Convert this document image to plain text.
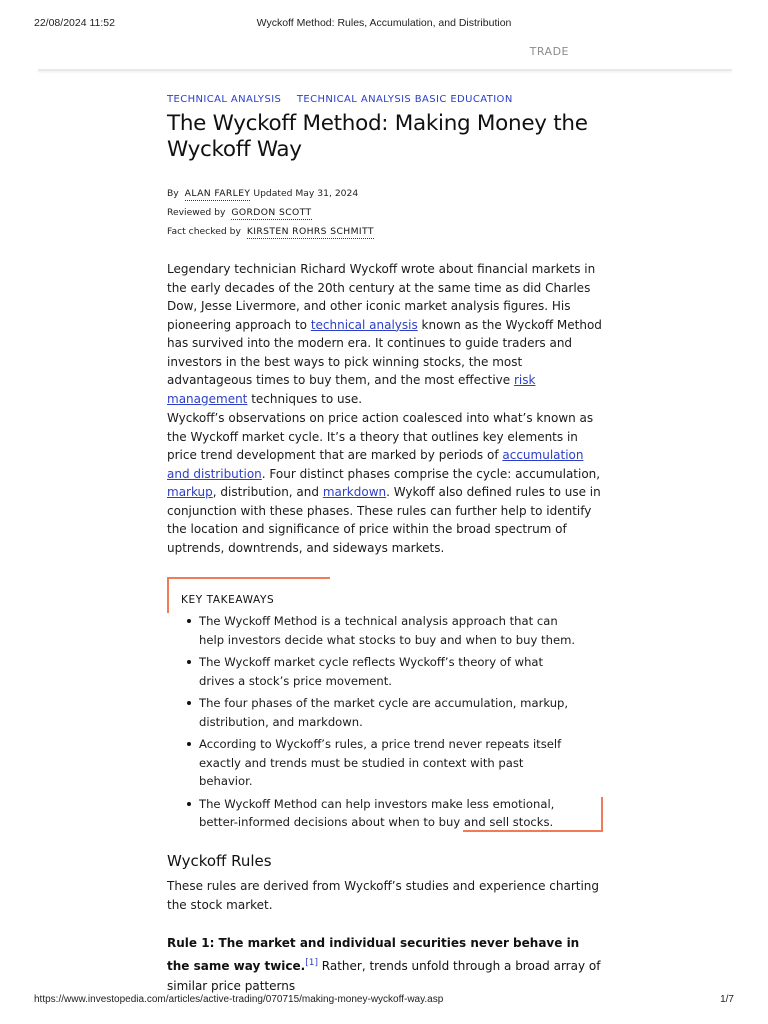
22/08/2024 11:52	Wyckoff Method: Rules, Accumulation, and Distribution
TRADE
TECHNICAL ANALYSIS TECHNICAL ANALYSIS BASIC EDUCATION
The Wyckoff Method: Making Money the Wyckoff Way
By ALAN FARLEY Updated May 31, 2024
Reviewed by GORDON SCOTT
Fact checked by KIRSTEN ROHRS SCHMITT

Legendary technician Richard Wyckoff wrote about financial markets in the early decades of the 20th century at the same time as did Charles Dow, Jesse Livermore, and other iconic market analysis figures. His pioneering approach to technical analysis known as the Wyckoff Method has survived into the modern era. It continues to guide traders and investors in the best ways to pick winning stocks, the most advantageous times to buy them, and the most effective risk management techniques to use.

Wyckoff’s observations on price action coalesced into what’s known as the Wyckoff market cycle. It’s a theory that outlines key elements in price trend development that are marked by periods of accumulation and distribution. Four distinct phases comprise the cycle: accumulation, markup, distribution, and markdown. Wykoff also defined rules to use in conjunction with these phases. These rules can further help to identify the location and significance of price within the broad spectrum of uptrends, downtrends, and sideways markets.

KEY TAKEAWAYS
The Wyckoff Method is a technical analysis approach that can help investors decide what stocks to buy and when to buy them.
The Wyckoff market cycle reflects Wyckoff’s theory of what drives a stock’s price movement.
The four phases of the market cycle are accumulation, markup, distribution, and markdown.
According to Wyckoff’s rules, a price trend never repeats itself exactly and trends must be studied in context with past behavior.
The Wyckoff Method can help investors make less emotional, better-informed decisions about when to buy and sell stocks.
Wyckoff Rules

These rules are derived from Wyckoff’s studies and experience charting the stock market.

Rule 1: The market and individual securities never behave in the same way twice.[1] Rather, trends unfold through a broad array of similar price patterns
https://www.investopedia.com/articles/active-trading/070715/making-money-wyckoff-way.asp	1/7
